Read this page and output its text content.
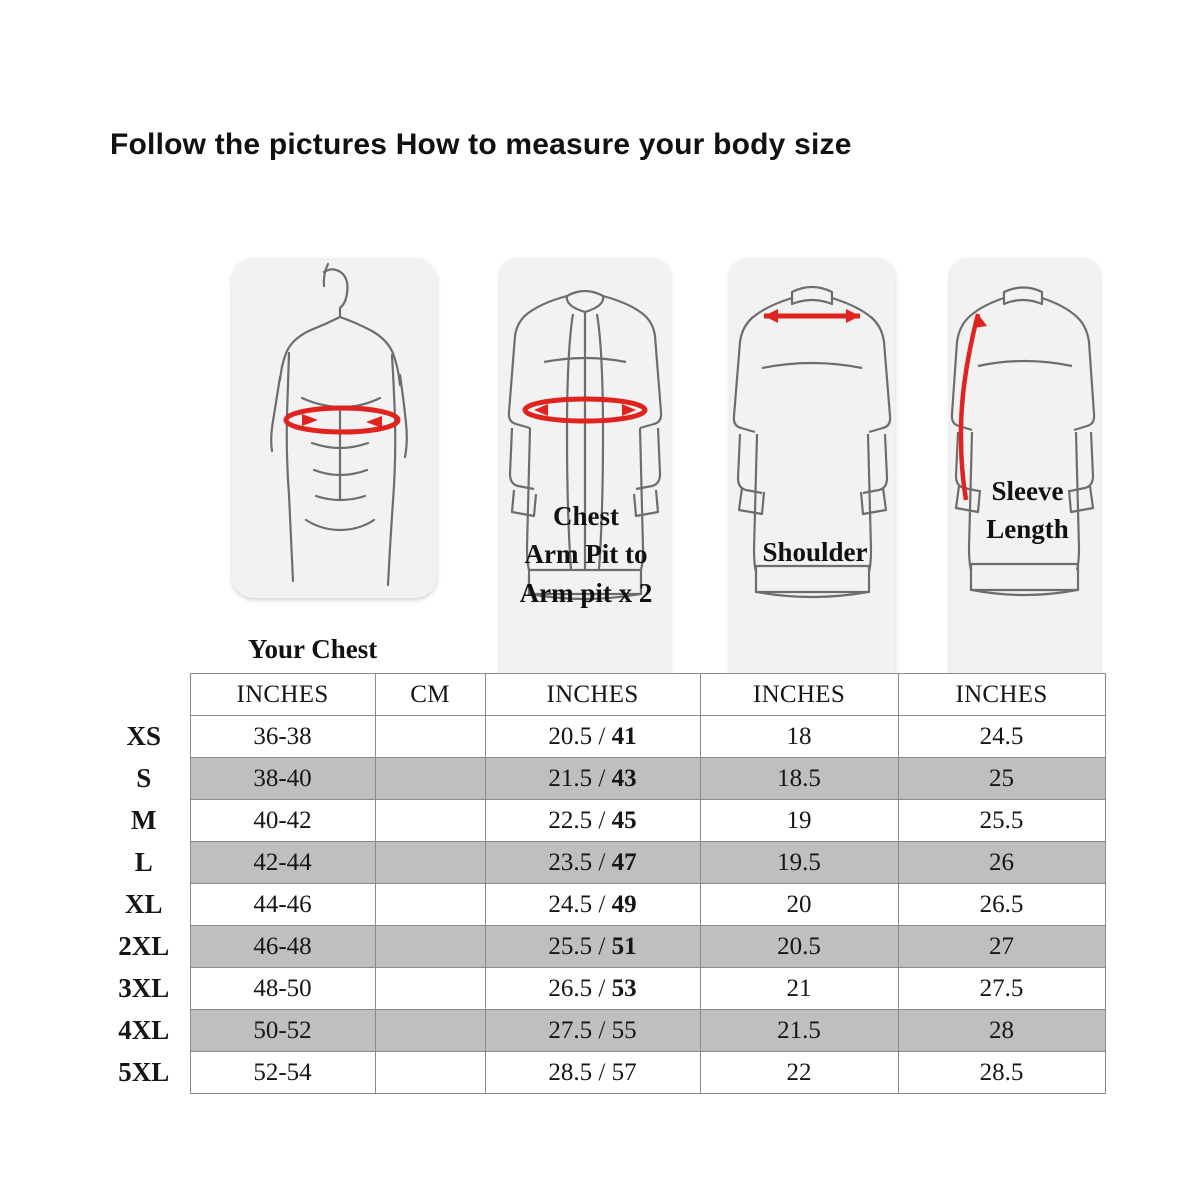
Follow the pictures How to measure your body size
Chest
Arm Pit to
Arm pit x 2
Shoulder
Sleeve
Length
Your Chest
	INCHES	CM	INCHES	INCHES	INCHES
XS	36-38		20.5 / 41	18	24.5
S	38-40		21.5 / 43	18.5	25
M	40-42		22.5 / 45	19	25.5
L	42-44		23.5 / 47	19.5	26
XL	44-46		24.5 / 49	20	26.5
2XL	46-48		25.5 / 51	20.5	27
3XL	48-50		26.5 / 53	21	27.5
4XL	50-52		27.5 / 55	21.5	28
5XL	52-54		28.5 / 57	22	28.5
